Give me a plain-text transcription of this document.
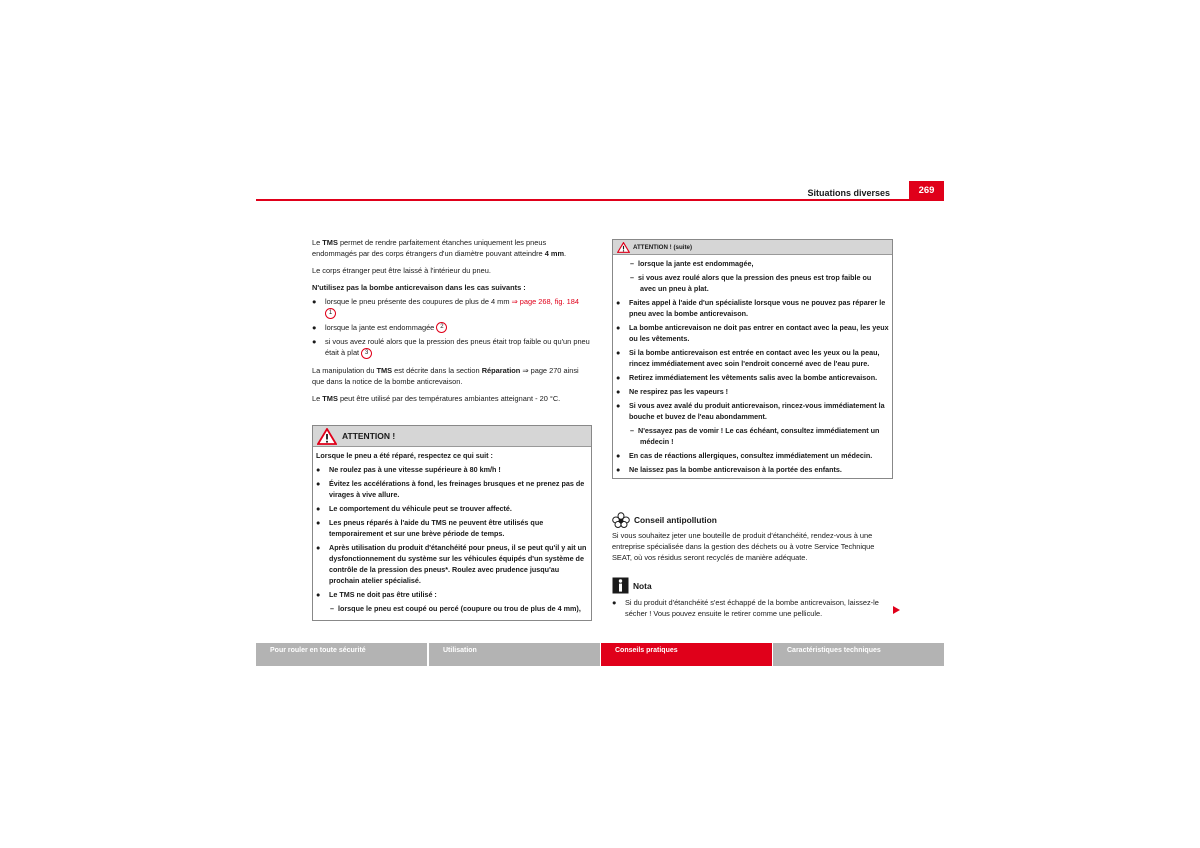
Situations diverses	269

Le TMS permet de rendre parfaitement étanches uniquement les pneus endommagés par des corps étrangers d'un diamètre pouvant atteindre 4 mm.

Le corps étranger peut être laissé à l'intérieur du pneu.

N'utilisez pas la bombe anticrevaison dans les cas suivants :

● lorsque le pneu présente des coupures de plus de 4 mm ⇒ page 268, fig. 184 1

● lorsque la jante est endommagée 2

● si vous avez roulé alors que la pression des pneus était trop faible ou qu'un pneu était à plat 3

La manipulation du TMS est décrite dans la section Réparation ⇒ page 270 ainsi que dans la notice de la bombe anticrevaison.

Le TMS peut être utilisé par des températures ambiantes atteignant - 20 °C.

ATTENTION !

Lorsque le pneu a été réparé, respectez ce qui suit :

● Ne roulez pas à une vitesse supérieure à 80 km/h !

● Évitez les accélérations à fond, les freinages brusques et ne prenez pas de virages à vive allure.

● Le comportement du véhicule peut se trouver affecté.

● Les pneus réparés à l'aide du TMS ne peuvent être utilisés que temporairement et sur une brève période de temps.

● Après utilisation du produit d'étanchéité pour pneus, il se peut qu'il y ait un dysfonctionnement du système sur les véhicules équipés d'un système de contrôle de la pression des pneus*. Roulez avec prudence jusqu'au prochain atelier spécialisé.

● Le TMS ne doit pas être utilisé :

–  lorsque le pneu est coupé ou percé (coupure ou trou de plus de 4 mm),

ATTENTION ! (suite)

–  lorsque la jante est endommagée,

–  si vous avez roulé alors que la pression des pneus est trop faible ou avec un pneu à plat.

● Faites appel à l'aide d'un spécialiste lorsque vous ne pouvez pas réparer le pneu avec la bombe anticrevaison.

● La bombe anticrevaison ne doit pas entrer en contact avec la peau, les yeux ou les vêtements.

● Si la bombe anticrevaison est entrée en contact avec les yeux ou la peau, rincez immédiatement avec soin l'endroit concerné avec de l'eau pure.

● Retirez immédiatement les vêtements salis avec la bombe anticrevaison.

● Ne respirez pas les vapeurs !

● Si vous avez avalé du produit anticrevaison, rincez-vous immédiatement la bouche et buvez de l'eau abondamment.

–  N'essayez pas de vomir ! Le cas échéant, consultez immédiatement un médecin !

● En cas de réactions allergiques, consultez immédiatement un médecin.

● Ne laissez pas la bombe anticrevaison à la portée des enfants.

Conseil antipollution

Si vous souhaitez jeter une bouteille de produit d'étanchéité, rendez-vous à une entreprise spécialisée dans la gestion des déchets ou à votre Service Technique SEAT, où vos résidus seront recyclés de manière adéquate.

Nota

● Si du produit d'étanchéité s'est échappé de la bombe anticrevaison, laissez-le sécher ! Vous pouvez ensuite le retirer comme une pellicule.

Pour rouler en toute sécurité	Utilisation	Conseils pratiques	Caractéristiques techniques
